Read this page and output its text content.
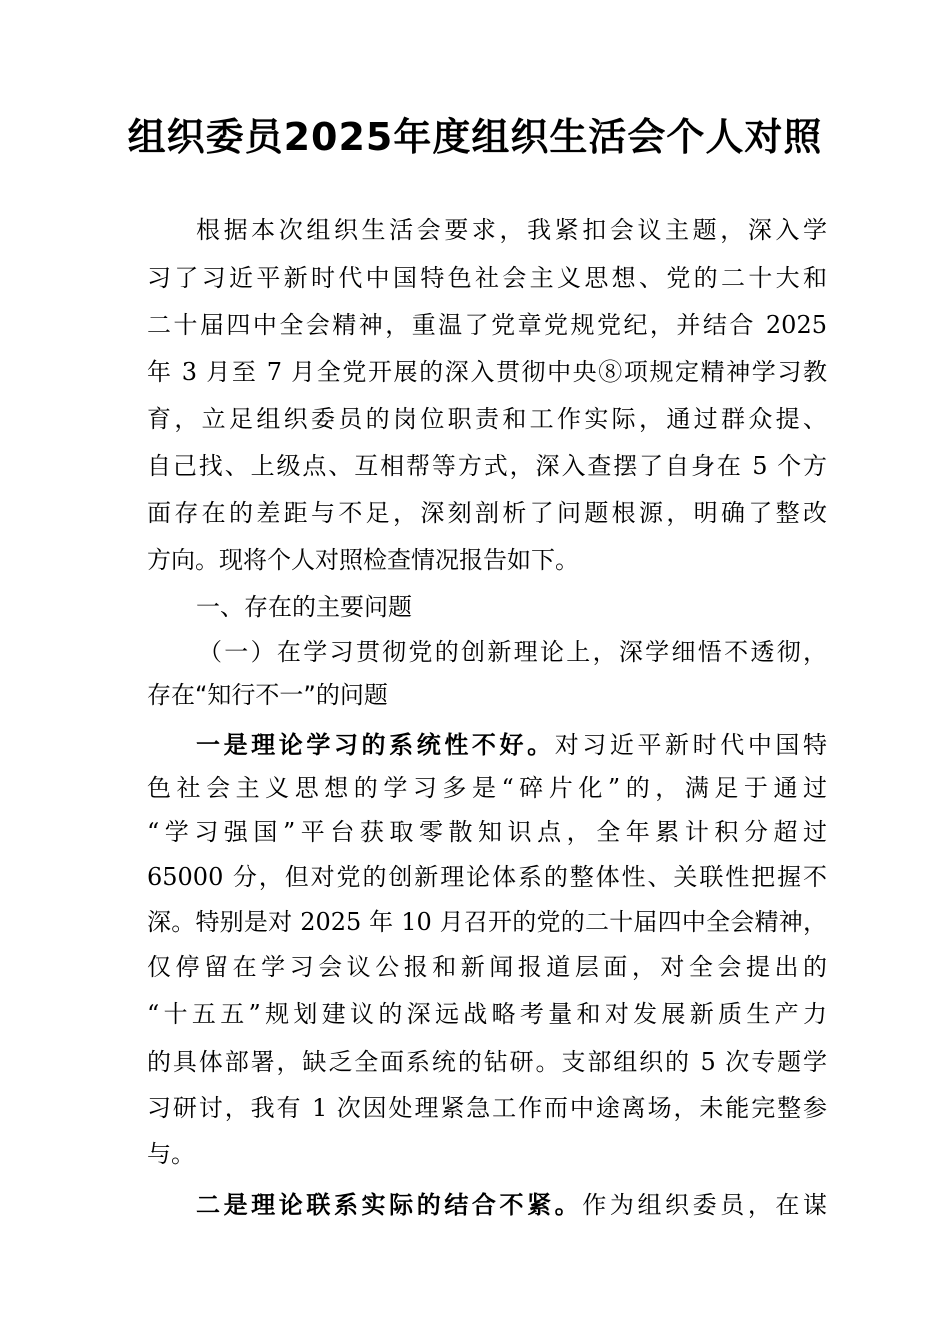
组织委员2025年度组织生活会个人对照
根据本次组织生活会要求，我紧扣会议主题，深入学
习了习近平新时代中国特色社会主义思想、党的二十大和
二十届四中全会精神，重温了党章党规党纪，并结合 2025
年 3 月至 7 月全党开展的深入贯彻中央⑧项规定精神学习教
育，立足组织委员的岗位职责和工作实际，通过群众提、
自己找、上级点、互相帮等方式，深入查摆了自身在 5 个方
面存在的差距与不足，深刻剖析了问题根源，明确了整改
方向。现将个人对照检查情况报告如下。
一、存在的主要问题
（一）在学习贯彻党的创新理论上，深学细悟不透彻，
存在“知行不一”的问题
一是理论学习的系统性不好。对习近平新时代中国特
色社会主义思想的学习多是“碎片化”的，满足于通过
“学习强国”平台获取零散知识点，全年累计积分超过
65000 分，但对党的创新理论体系的整体性、关联性把握不
深。特别是对 2025 年 10 月召开的党的二十届四中全会精神，
仅停留在学习会议公报和新闻报道层面，对全会提出的
“十五五”规划建议的深远战略考量和对发展新质生产力
的具体部署，缺乏全面系统的钻研。支部组织的 5 次专题学
习研讨，我有 1 次因处理紧急工作而中途离场，未能完整参
与。
二是理论联系实际的结合不紧。作为组织委员，在谋
